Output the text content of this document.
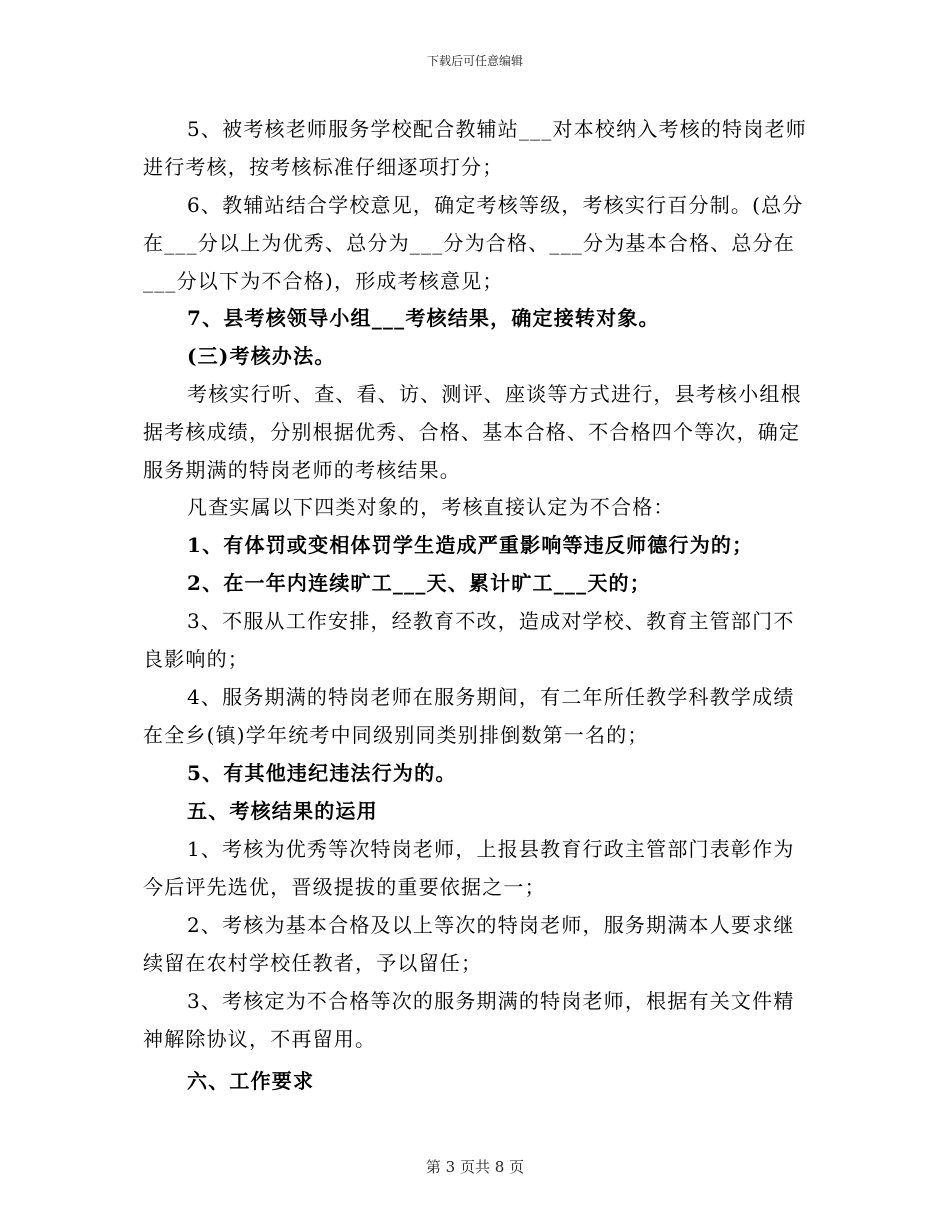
下载后可任意编辑

5、被考核老师服务学校配合教辅站___对本校纳入考核的特岗老师进行考核，按考核标准仔细逐项打分；

6、教辅站结合学校意见，确定考核等级，考核实行百分制。(总分在___分以上为优秀、总分为___分为合格、___分为基本合格、总分在___分以下为不合格)，形成考核意见；

7、县考核领导小组___考核结果，确定接转对象。

(三)考核办法。

考核实行听、查、看、访、测评、座谈等方式进行，县考核小组根据考核成绩，分别根据优秀、合格、基本合格、不合格四个等次，确定服务期满的特岗老师的考核结果。

凡查实属以下四类对象的，考核直接认定为不合格：

1、有体罚或变相体罚学生造成严重影响等违反师德行为的；

2、在一年内连续旷工___天、累计旷工___天的；

3、不服从工作安排，经教育不改，造成对学校、教育主管部门不良影响的；

4、服务期满的特岗老师在服务期间，有二年所任教学科教学成绩在全乡(镇)学年统考中同级别同类别排倒数第一名的；

5、有其他违纪违法行为的。

五、考核结果的运用

1、考核为优秀等次特岗老师，上报县教育行政主管部门表彰作为今后评先选优，晋级提拔的重要依据之一；

2、考核为基本合格及以上等次的特岗老师，服务期满本人要求继续留在农村学校任教者，予以留任；

3、考核定为不合格等次的服务期满的特岗老师，根据有关文件精神解除协议，不再留用。

六、工作要求

第 3 页共 8 页
